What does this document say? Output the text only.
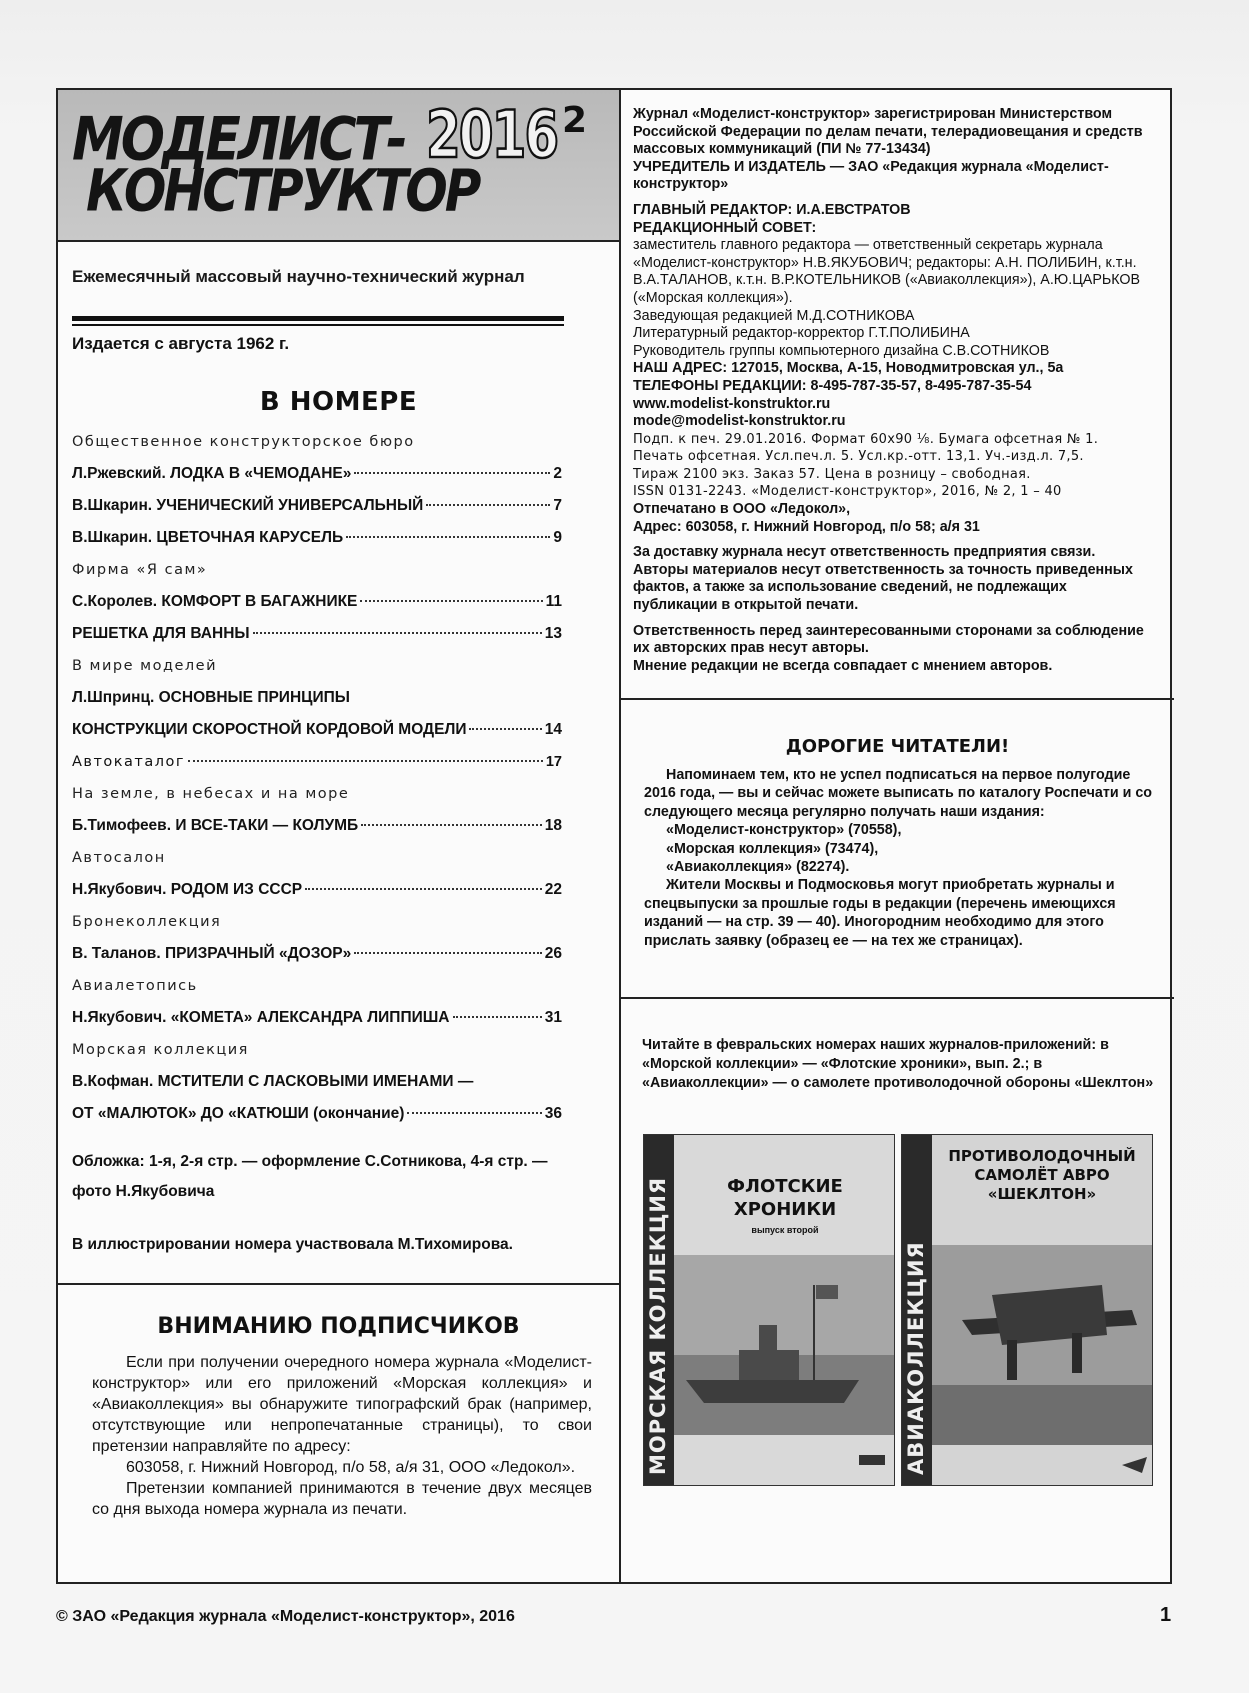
МОДЕЛИСТ-
КОНСТРУКТОР
2016 2
Ежемесячный массовый научно-технический журнал
Издается с августа 1962 г.
В НОМЕРЕ
Общественное конструкторское бюро
Л.Ржевский. ЛОДКА В «ЧЕМОДАНЕ»	2
В.Шкарин. УЧЕНИЧЕСКИЙ УНИВЕРСАЛЬНЫЙ	7
В.Шкарин. ЦВЕТОЧНАЯ КАРУСЕЛЬ	9
Фирма «Я сам»
С.Королев. КОМФОРТ В БАГАЖНИКЕ	11
РЕШЕТКА ДЛЯ ВАННЫ	13
В мире моделей
Л.Шпринц. ОСНОВНЫЕ ПРИНЦИПЫ
КОНСТРУКЦИИ СКОРОСТНОЙ КОРДОВОЙ МОДЕЛИ	14
Автокаталог	17
На земле, в небесах и на море
Б.Тимофеев. И ВСЕ-ТАКИ — КОЛУМБ	18
Автосалон
Н.Якубович. РОДОМ ИЗ СССР	22
Бронеколлекция
В. Таланов. ПРИЗРАЧНЫЙ «ДОЗОР»	26
Авиалетопись
Н.Якубович. «КОМЕТА» АЛЕКСАНДРА ЛИППИША	31
Морская коллекция
В.Кофман. МСТИТЕЛИ С ЛАСКОВЫМИ ИМЕНАМИ —
ОТ «МАЛЮТОК» ДО «КАТЮШИ (окончание)	36
Обложка: 1-я, 2-я стр. — оформление С.Сотникова, 4-я стр. —
фото Н.Якубовича
В иллюстрировании номера участвовала М.Тихомирова.
ВНИМАНИЮ ПОДПИСЧИКОВ

Если при получении очередного номера журнала «Моделист-конструктор» или его приложений «Морская коллекция» и «Авиаколлекция» вы обнаружите типографский брак (например, отсутствующие или непропечатанные страницы), то свои претензии направляйте по адресу:

603058, г. Нижний Новгород, п/о 58, а/я 31, ООО «Ледокол».

Претензии компанией принимаются в течение двух месяцев со дня выхода номера журнала из печати.

Журнал «Моделист-конструктор» зарегистрирован Министерством Российской Федерации по делам печати, телерадиовещания и средств массовых коммуникаций (ПИ № 77-13434)

УЧРЕДИТЕЛЬ И ИЗДАТЕЛЬ — ЗАО «Редакция журнала «Моделист-конструктор»

ГЛАВНЫЙ РЕДАКТОР: И.А.ЕВСТРАТОВ

РЕДАКЦИОННЫЙ СОВЕТ:

заместитель главного редактора — ответственный секретарь журнала «Моделист-конструктор» Н.В.ЯКУБОВИЧ; редакторы: А.Н. ПОЛИБИН, к.т.н. В.А.ТАЛАНОВ, к.т.н. В.Р.КОТЕЛЬНИКОВ («Авиаколлекция»), А.Ю.ЦАРЬКОВ («Морская коллекция»).

Заведующая редакцией М.Д.СОТНИКОВА

Литературный редактор-корректор Г.Т.ПОЛИБИНА

Руководитель группы компьютерного дизайна С.В.СОТНИКОВ

НАШ АДРЕС: 127015, Москва, А-15, Новодмитровская ул., 5а

ТЕЛЕФОНЫ РЕДАКЦИИ: 8-495-787-35-57, 8-495-787-35-54

www.modelist-konstruktor.ru

mode@modelist-konstruktor.ru

Подп. к печ. 29.01.2016. Формат 60х90 ⅛. Бумага офсетная № 1.

Печать офсетная. Усл.печ.л. 5. Усл.кр.-отт. 13,1. Уч.-изд.л. 7,5.

Тираж 2100 экз. Заказ 57. Цена в розницу – свободная.

ISSN 0131-2243. «Моделист-конструктор», 2016, № 2, 1 – 40

Отпечатано в ООО «Ледокол»,

Адрес: 603058, г. Нижний Новгород, п/о 58; а/я 31

За доставку журнала несут ответственность предприятия связи. Авторы материалов несут ответственность за точность приведенных фактов, а также за использование сведений, не подлежащих публикации в открытой печати.

Ответственность перед заинтересованными сторонами за соблюдение их авторских прав несут авторы.

Мнение редакции не всегда совпадает с мнением авторов.

ДОРОГИЕ ЧИТАТЕЛИ!

Напоминаем тем, кто не успел подписаться на первое полугодие 2016 года, — вы и сейчас можете выписать по каталогу Роспечати и со следующего месяца регулярно получать наши издания:

«Моделист-конструктор» (70558),
«Морская коллекция» (73474),
«Авиаколлекция» (82274).

Жители Москвы и Подмосковья могут приобретать журналы и спецвыпуски за прошлые годы в редакции (перечень имеющихся изданий — на стр. 39 — 40). Иногородним необходимо для этого прислать заявку (образец ее — на тех же страницах).

Читайте в февральских номерах наших журналов-приложений: в «Морской коллекции» — «Флотские хроники», вып. 2.; в «Авиаколлекции» — о самолете противолодочной обороны «Шеклтон»
МОРСКАЯ КОЛЛЕКЦИЯ	ФЛОТСКИЕ ХРОНИКИ
выпуск второй
АВИАКОЛЛЕКЦИЯ
ПРОТИВОЛОДОЧНЫЙ САМОЛЁТ АВРО «ШЕКЛТОН»
© ЗАО «Редакция журнала «Моделист-конструктор», 2016	1
